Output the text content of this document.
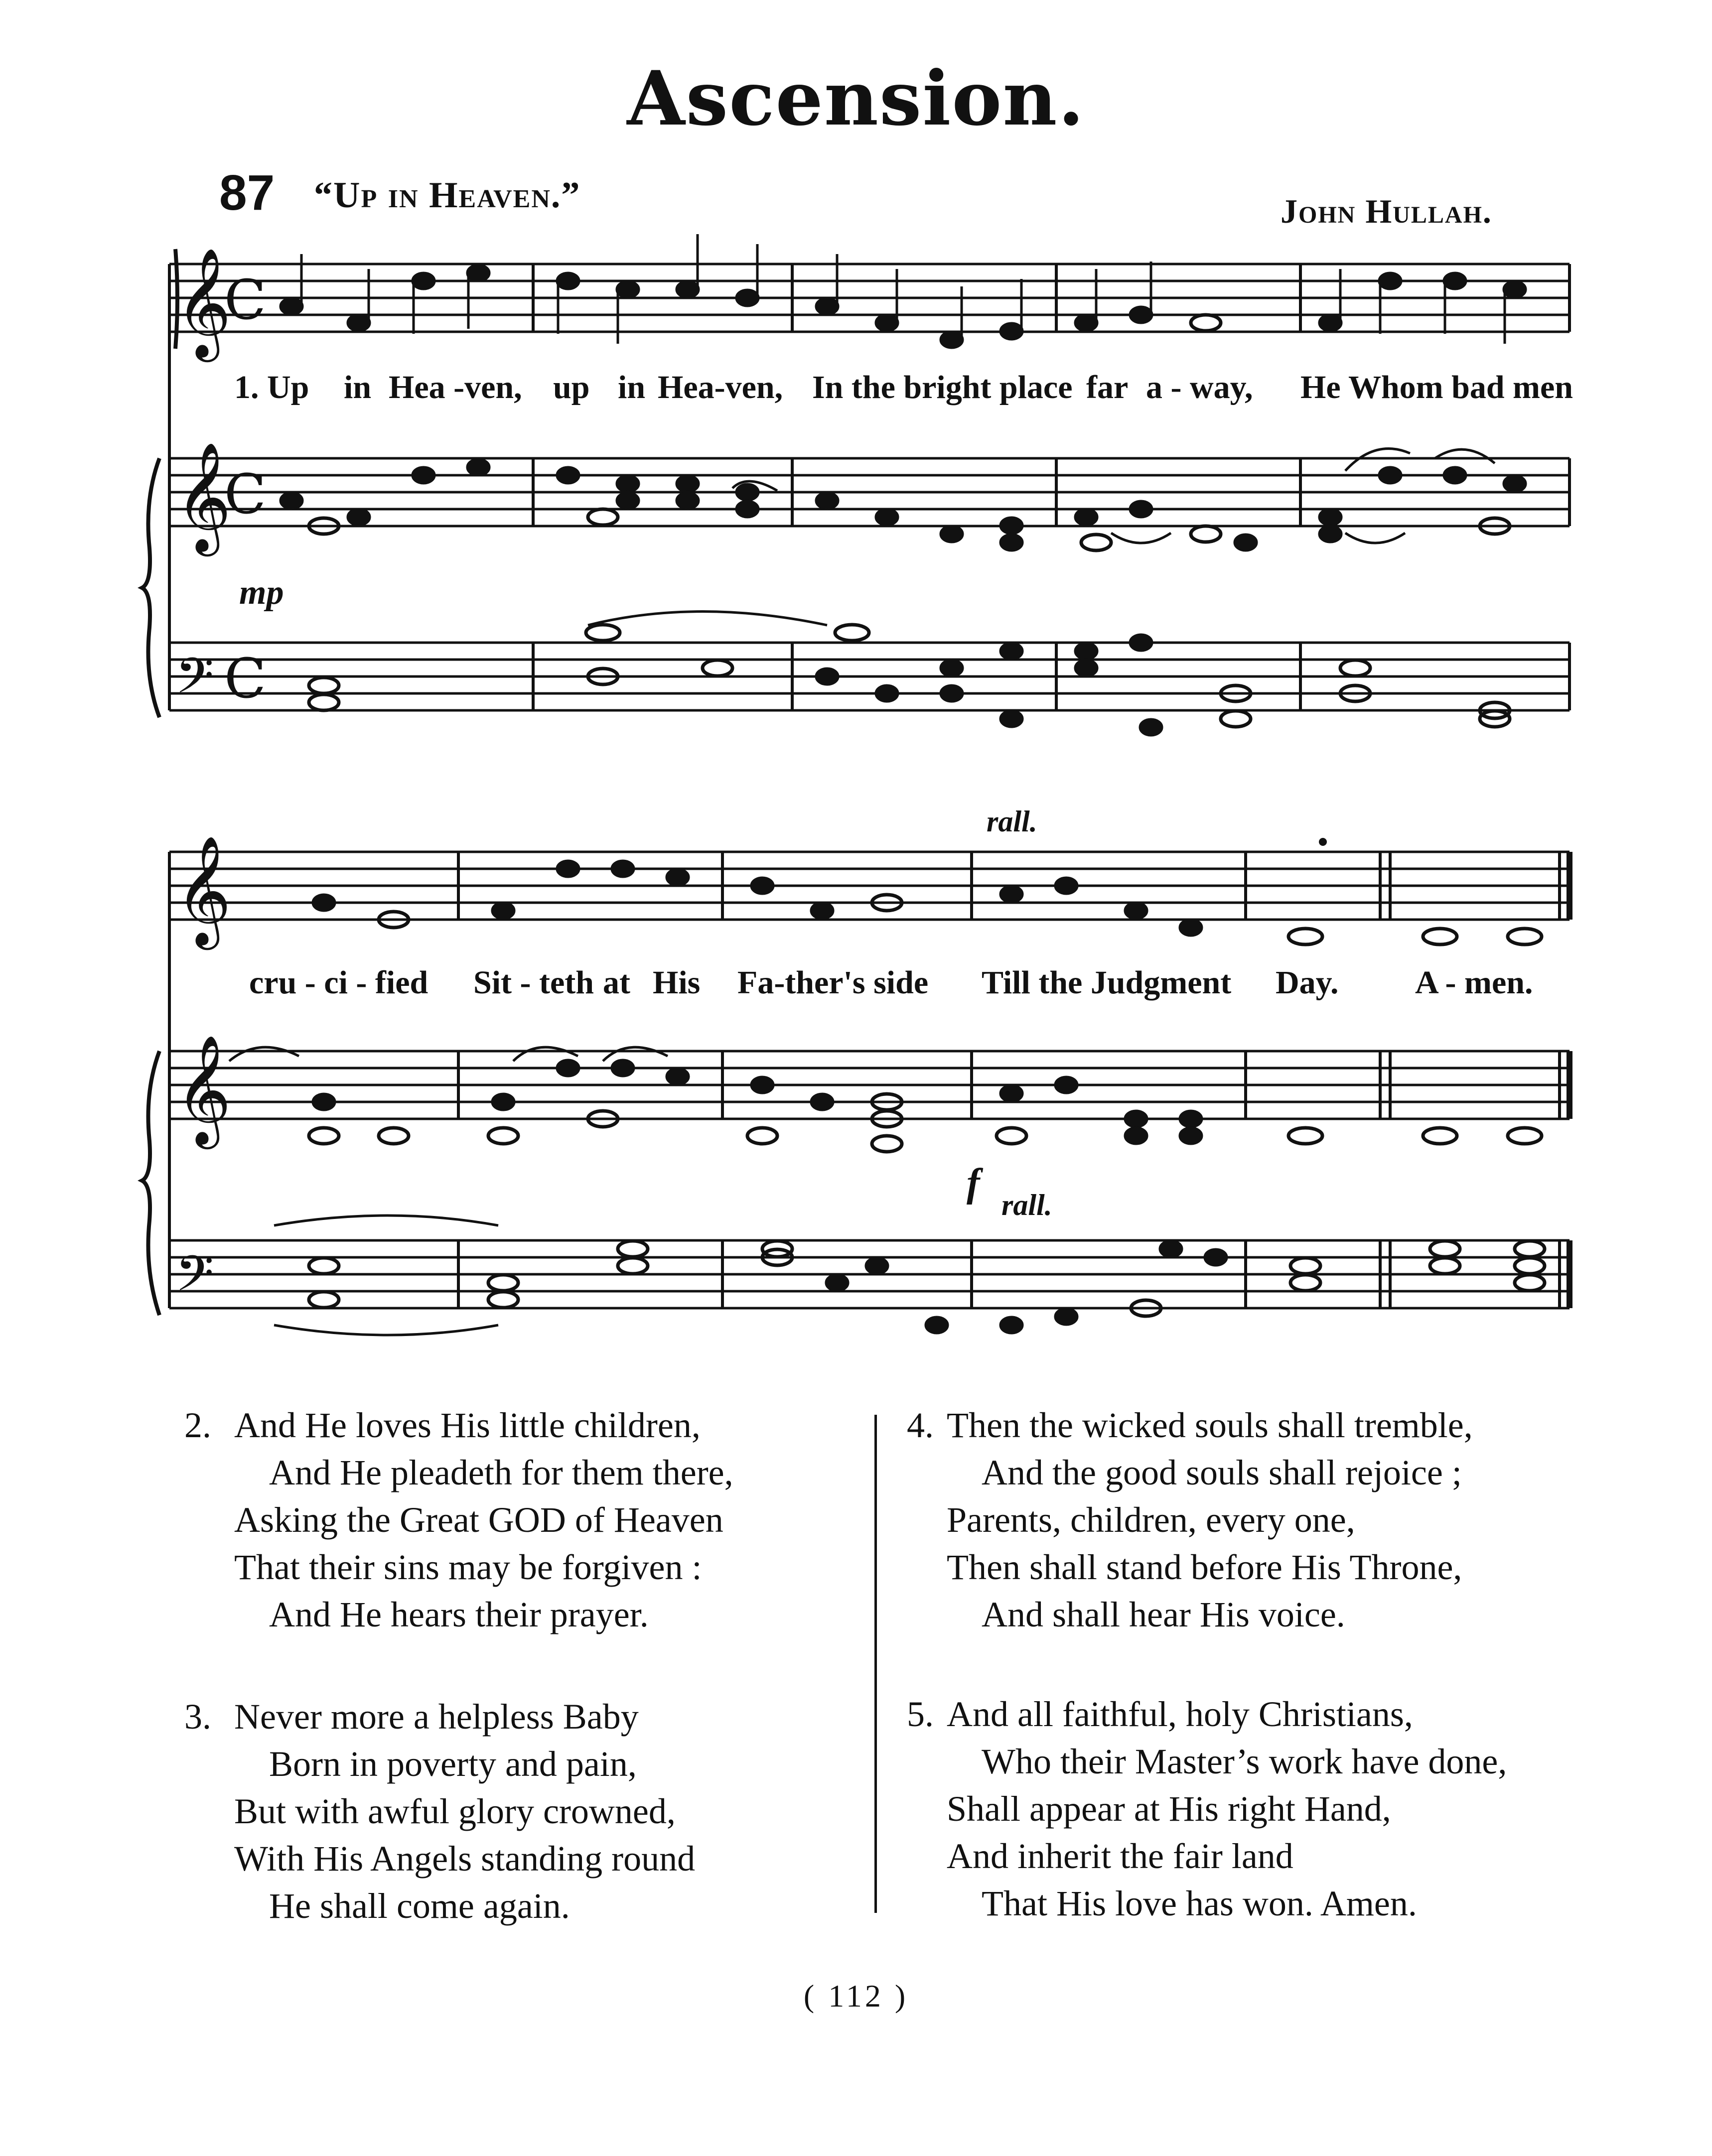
Ascension.
87 “Up in Heaven.”	John Hullah.
𝄞
𝄞
𝄢
𝄞
𝄞
𝄢
C
C
C
1. Up in Hea -ven, up in Hea-ven, In the bright place far a - way, He Whom bad men
mp
rall.
f rall.
cru - ci - fied Sit - teth at His Fa-ther's side Till the Judgment Day. A - men.
2. And He loves His little children,
And He pleadeth for them there,
Asking the Great GOD of Heaven
That their sins may be forgiven :
And He hears their prayer.
3. Never more a helpless Baby
Born in poverty and pain,
But with awful glory crowned,
With His Angels standing round
He shall come again.
4. Then the wicked souls shall tremble,
And the good souls shall rejoice ;
Parents, children, every one,
Then shall stand before His Throne,
And shall hear His voice.
5. And all faithful, holy Christians,
Who their Master’s work have done,
Shall appear at His right Hand,
And inherit the fair land
That His love has won. Amen.
( 112 )
